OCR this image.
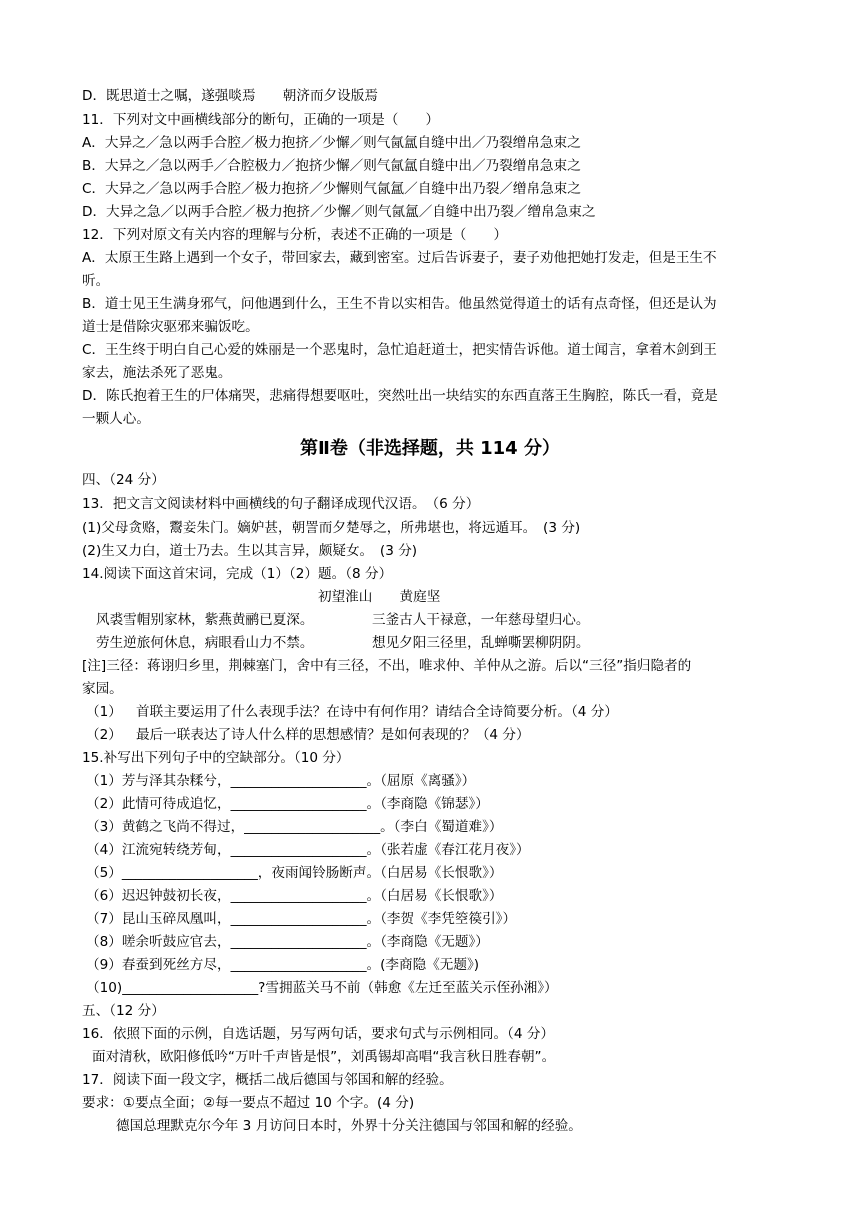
D．既思道士之嘱，遂强啖焉　　朝济而夕设版焉
11．下列对文中画横线部分的断句，正确的一项是（　　）
A．大异之／急以两手合腔／极力抱挤／少懈／则气氤氲自缝中出／乃裂缯帛急束之
B．大异之／急以两手／合腔极力／抱挤少懈／则气氤氲自缝中出／乃裂缯帛急束之
C．大异之／急以两手合腔／极力抱挤／少懈则气氤氲／自缝中出乃裂／缯帛急束之
D．大异之急／以两手合腔／极力抱挤／少懈／则气氤氲／自缝中出乃裂／缯帛急束之
12．下列对原文有关内容的理解与分析，表述不正确的一项是（　　）
A．太原王生路上遇到一个女子，带回家去，藏到密室。过后告诉妻子，妻子劝他把她打发走，但是王生不
听。
B．道士见王生满身邪气，问他遇到什么，王生不肯以实相告。他虽然觉得道士的话有点奇怪，但还是认为
道士是借除灾驱邪来骗饭吃。
C．王生终于明白自己心爱的姝丽是一个恶鬼时，急忙追赶道士，把实情告诉他。道士闻言，拿着木剑到王
家去，施法杀死了恶鬼。
D．陈氏抱着王生的尸体痛哭，悲痛得想要呕吐，突然吐出一块结实的东西直落王生胸腔，陈氏一看，竟是
一颗人心。
第Ⅱ卷（非选择题，共 114 分）
四、（24 分）
13．把文言文阅读材料中画横线的句子翻译成现代汉语。　（6 分）
(1)父母贪赂，鬻妾朱门。嫡妒甚，朝詈而夕楚辱之，所弗堪也，将远遁耳。　(3 分)
(2)生又力白，道士乃去。生以其言异，颇疑女。　(3 分)
14.阅读下面这首宋词，完成（1）（2）题。（8 分）
初望淮山　　黄庭坚
风裘雪帽别家林，紫燕黄鹂已夏深。	三釜古人干禄意，一年慈母望归心。
劳生逆旅何休息，病眼看山力不禁。	想见夕阳三径里，乱蝉嘶罢柳阴阴。
[注]三径：蒋诩归乡里，荆棘塞门，舍中有三径，不出，唯求仲、羊仲从之游。后以“三径”指归隐者的
家园。
（1） 首联主要运用了什么表现手法？在诗中有何作用？请结合全诗简要分析。（4 分）
（2） 最后一联表达了诗人什么样的思想感情？是如何表现的？（4 分）
15.补写出下列句子中的空缺部分。（10 分）
（1）芳与泽其杂糅兮，____________________。（屈原《离骚》）
（2）此情可待成追忆，____________________。（李商隐《锦瑟》）
（3）黄鹤之飞尚不得过，____________________。（李白《蜀道难》）
（4）江流宛转绕芳甸，____________________。（张若虚《春江花月夜》）
（5）____________________，夜雨闻铃肠断声。（白居易《长恨歌》）
（6）迟迟钟鼓初长夜，____________________。（白居易《长恨歌》）
（7）昆山玉碎凤凰叫，____________________。（李贺《李凭箜篌引》）
（8）嗟余听鼓应官去，____________________。（李商隐《无题》）
（9）春蚕到死丝方尽，____________________。(李商隐《无题》)
（10)____________________?雪拥蓝关马不前（韩愈《左迁至蓝关示侄孙湘》）
五、（12 分）
16．依照下面的示例，自选话题，另写两句话，要求句式与示例相同。（4 分）
面对清秋，欧阳修低吟“万叶千声皆是恨”，刘禹锡却高唱“我言秋日胜春朝”。
17．阅读下面一段文字，概括二战后德国与邻国和解的经验。
要求：①要点全面；②每一要点不超过 10 个字。(4 分)
德国总理默克尔今年 3 月访问日本时，外界十分关注德国与邻国和解的经验。
